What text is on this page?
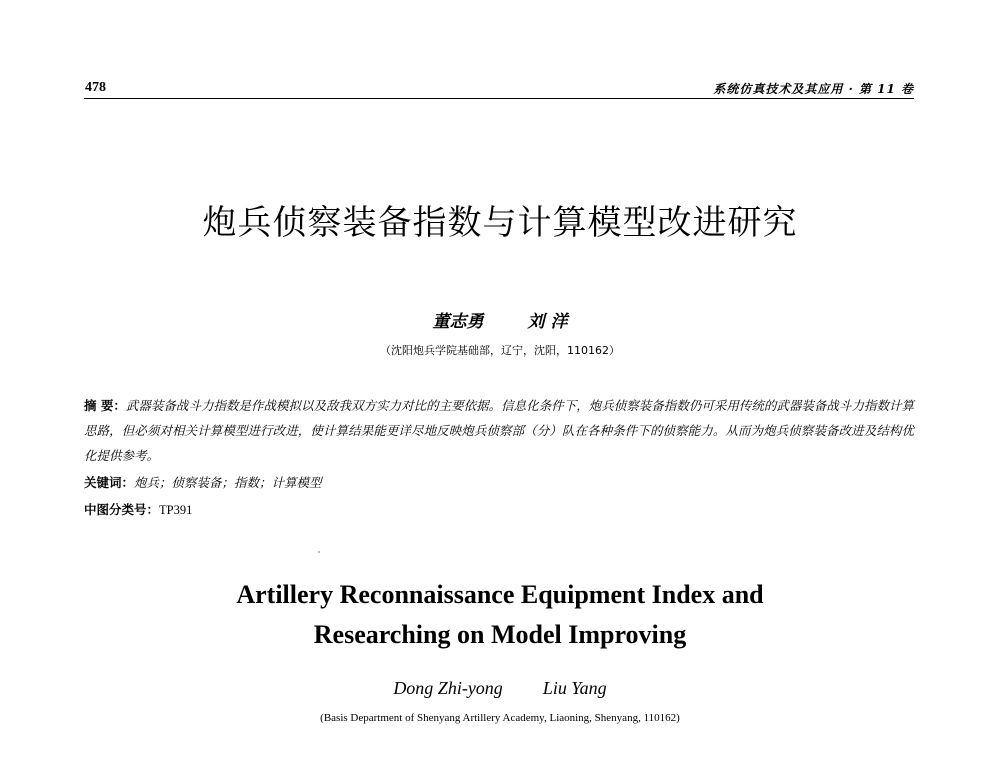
478	系统仿真技术及其应用 · 第 11 卷
炮兵侦察装备指数与计算模型改进研究
董志勇	刘 洋
（沈阳炮兵学院基础部，辽宁，沈阳，110162）
摘 要：武器装备战斗力指数是作战模拟以及敌我双方实力对比的主要依据。信息化条件下，炮兵侦察装备指数仍可采用传统的武器装备战斗力指数计算思路，但必须对相关计算模型进行改进，使计算结果能更详尽地反映炮兵侦察部（分）队在各种条件下的侦察能力。从而为炮兵侦察装备改进及结构优化提供参考。
关键词：炮兵；侦察装备；指数；计算模型
中图分类号：TP391
Artillery Reconnaissance Equipment Index and
Researching on Model Improving
Dong Zhi-yong Liu Yang
(Basis Department of Shenyang Artillery Academy, Liaoning, Shenyang, 110162)
